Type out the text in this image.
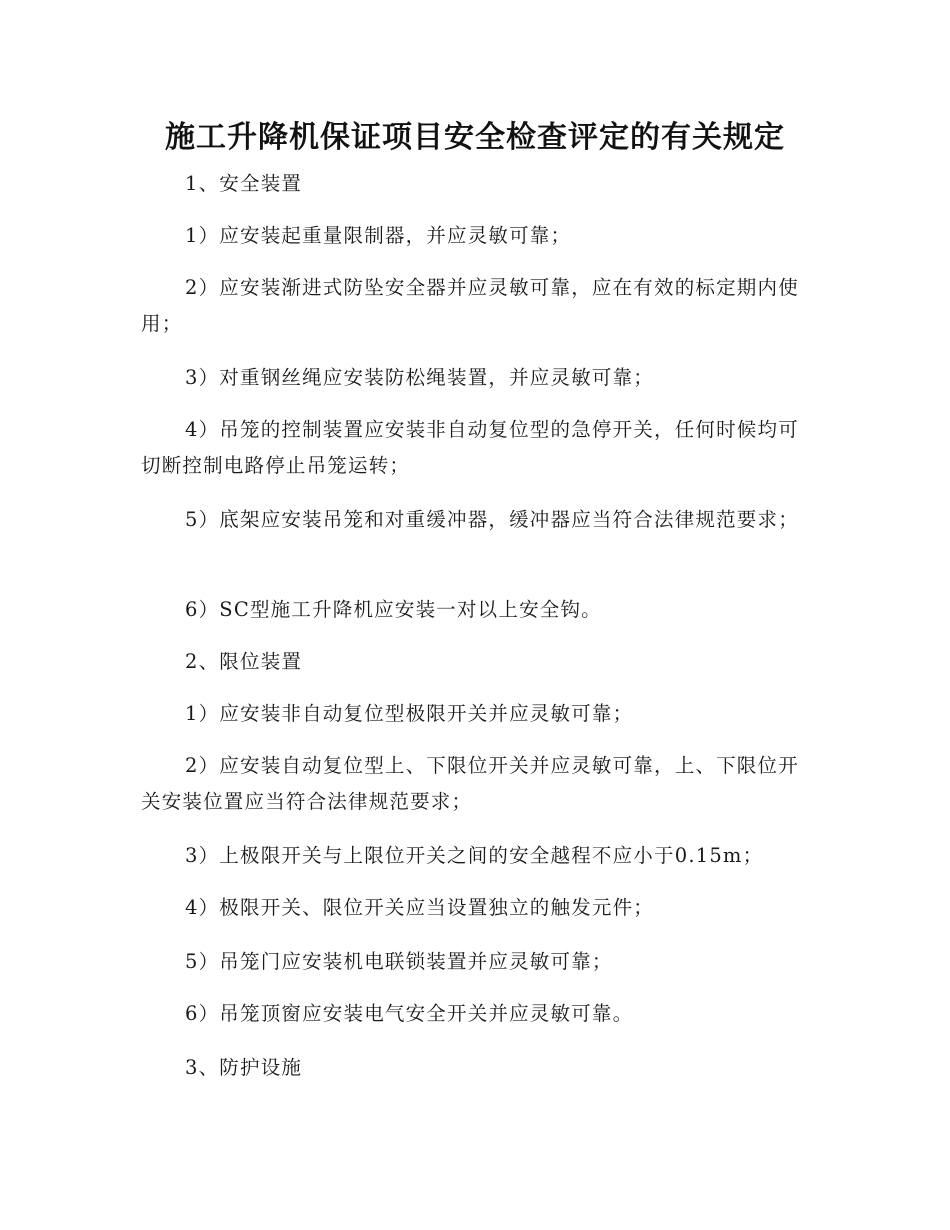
施工升降机保证项目安全检查评定的有关规定

1、安全装置

1）应安装起重量限制器，并应灵敏可靠；

2）应安装渐进式防坠安全器并应灵敏可靠，应在有效的标定期内使用；

3）对重钢丝绳应安装防松绳装置，并应灵敏可靠；

4）吊笼的控制装置应安装非自动复位型的急停开关，任何时候均可切断控制电路停止吊笼运转；

5）底架应安装吊笼和对重缓冲器，缓冲器应当符合法律规范要求；

6）SC型施工升降机应安装一对以上安全钩。

2、限位装置

1）应安装非自动复位型极限开关并应灵敏可靠；

2）应安装自动复位型上、下限位开关并应灵敏可靠，上、下限位开关安装位置应当符合法律规范要求；

3）上极限开关与上限位开关之间的安全越程不应小于0.15m；

4）极限开关、限位开关应当设置独立的触发元件；

5）吊笼门应安装机电联锁装置并应灵敏可靠；

6）吊笼顶窗应安装电气安全开关并应灵敏可靠。

3、防护设施
